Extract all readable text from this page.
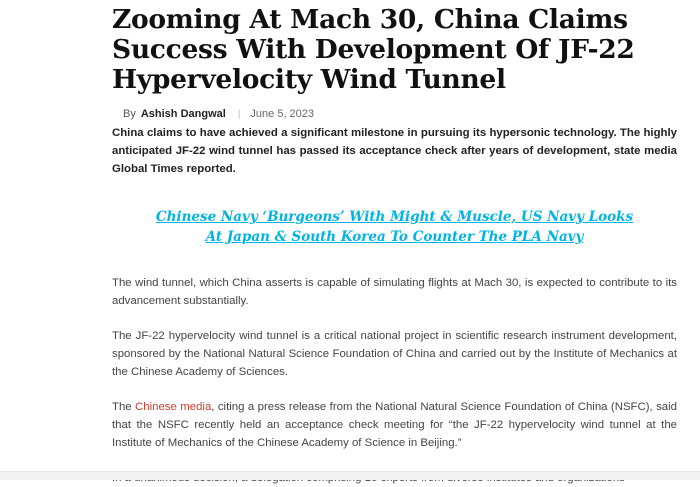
Zooming At Mach 30, China Claims Success With Development Of JF-22 Hypervelocity Wind Tunnel
By Ashish Dangwal | June 5, 2023

China claims to have achieved a significant milestone in pursuing its hypersonic technology. The highly anticipated JF-22 wind tunnel has passed its acceptance check after years of development, state media Global Times reported.

Chinese Navy ‘Burgeons’ With Might & Muscle, US Navy Looks At Japan & South Korea To Counter The PLA Navy

The wind tunnel, which China asserts is capable of simulating flights at Mach 30, is expected to contribute to its advancement substantially.

The JF-22 hypervelocity wind tunnel is a critical national project in scientific research instrument development, sponsored by the National Natural Science Foundation of China and carried out by the Institute of Mechanics at the Chinese Academy of Sciences.

The Chinese media, citing a press release from the National Natural Science Foundation of China (NSFC), said that the NSFC recently held an acceptance check meeting for “the JF-22 hypervelocity wind tunnel at the Institute of Mechanics of the Chinese Academy of Science in Beijing.”
